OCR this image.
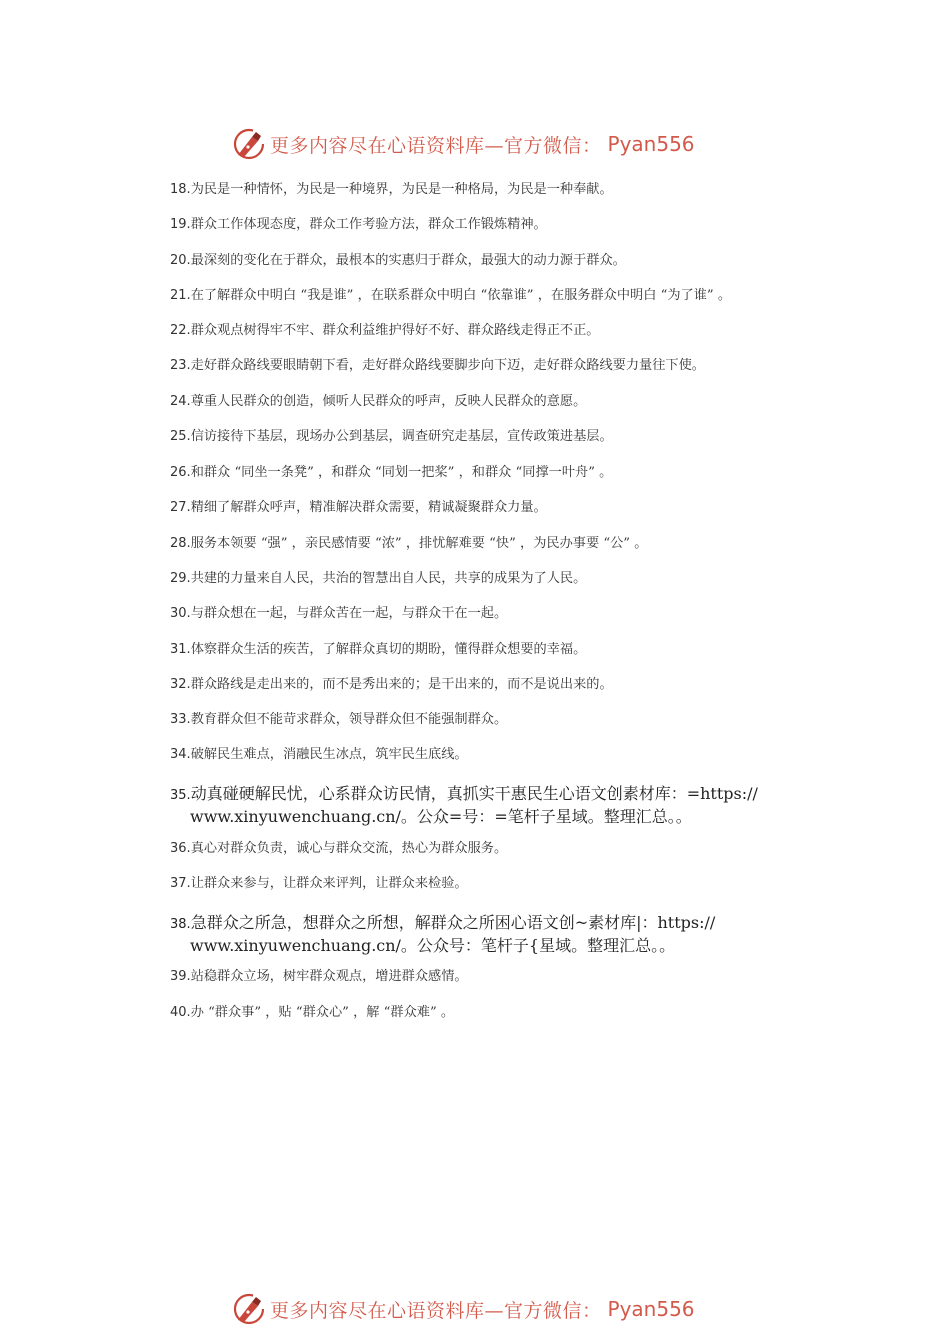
更多内容尽在心语资料库—官方微信： Pyan556
18.为民是一种情怀，为民是一种境界，为民是一种格局，为民是一种奉献。
19.群众工作体现态度，群众工作考验方法，群众工作锻炼精神。
20.最深刻的变化在于群众，最根本的实惠归于群众，最强大的动力源于群众。
21.在了解群众中明白 “我是谁” ，在联系群众中明白 “依靠谁” ，在服务群众中明白 “为了谁” 。
22.群众观点树得牢不牢、群众利益维护得好不好、群众路线走得正不正。
23.走好群众路线要眼睛朝下看，走好群众路线要脚步向下迈，走好群众路线要力量往下使。
24.尊重人民群众的创造，倾听人民群众的呼声，反映人民群众的意愿。
25.信访接待下基层，现场办公到基层，调查研究走基层，宣传政策进基层。
26.和群众 “同坐一条凳” ，和群众 “同划一把桨” ，和群众 “同撑一叶舟” 。
27.精细了解群众呼声，精准解决群众需要，精诚凝聚群众力量。
28.服务本领要 “强” ，亲民感情要 “浓” ，排忧解难要 “快” ，为民办事要 “公” 。
29.共建的力量来自人民，共治的智慧出自人民，共享的成果为了人民。
30.与群众想在一起，与群众苦在一起，与群众干在一起。
31.体察群众生活的疾苦，了解群众真切的期盼，懂得群众想要的幸福。
32.群众路线是走出来的，而不是秀出来的；是干出来的，而不是说出来的。
33.教育群众但不能苛求群众，领导群众但不能强制群众。
34.破解民生难点，消融民生冰点，筑牢民生底线。
35.动真碰硬解民忧，心系群众访民情，真抓实干惠民生心语文创素材库：=https://
www.xinyuwenchuang.cn/。公众=号：=笔杆子星域。整理汇总。。
36.真心对群众负责，诚心与群众交流，热心为群众服务。
37.让群众来参与，让群众来评判，让群众来检验。
38.急群众之所急，想群众之所想，解群众之所困心语文创~素材库|：https://
www.xinyuwenchuang.cn/。公众号：笔杆子{星域。整理汇总。。
39.站稳群众立场，树牢群众观点，增进群众感情。
40.办 “群众事” ，贴 “群众心” ，解 “群众难” 。
更多内容尽在心语资料库—官方微信： Pyan556
